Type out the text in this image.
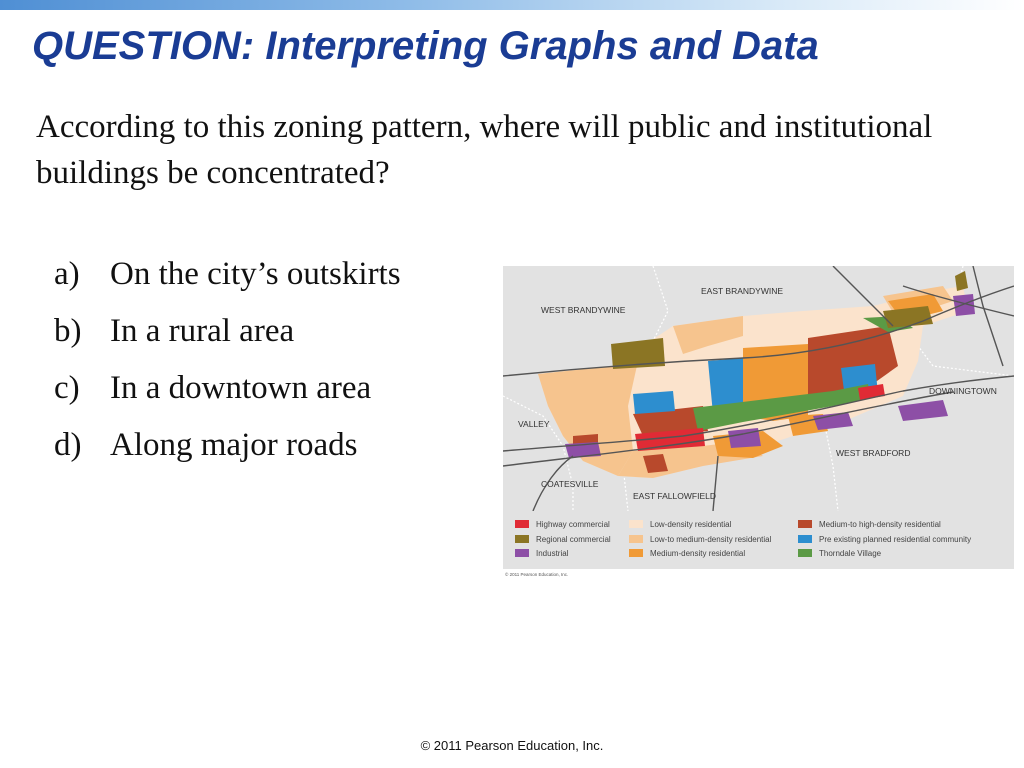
QUESTION: Interpreting Graphs and Data
According to this zoning pattern, where will public and institutional buildings be concentrated?
a) On the city’s outskirts
b) In a rural area
c) In a downtown area
d) Along major roads
EAST BRANDYWINE
WEST BRANDYWINE
DOWNINGTOWN
VALLEY
WEST BRADFORD
COATESVILLE
EAST FALLOWFIELD
Highway commercial	Low-density residential	Medium-to high-density residential
Regional commercial	Low-to medium-density residential	Pre existing planned residential community
Industrial	Medium-density residential	Thorndale Village
© 2011 Pearson Education, Inc.
© 2011 Pearson Education, Inc.
